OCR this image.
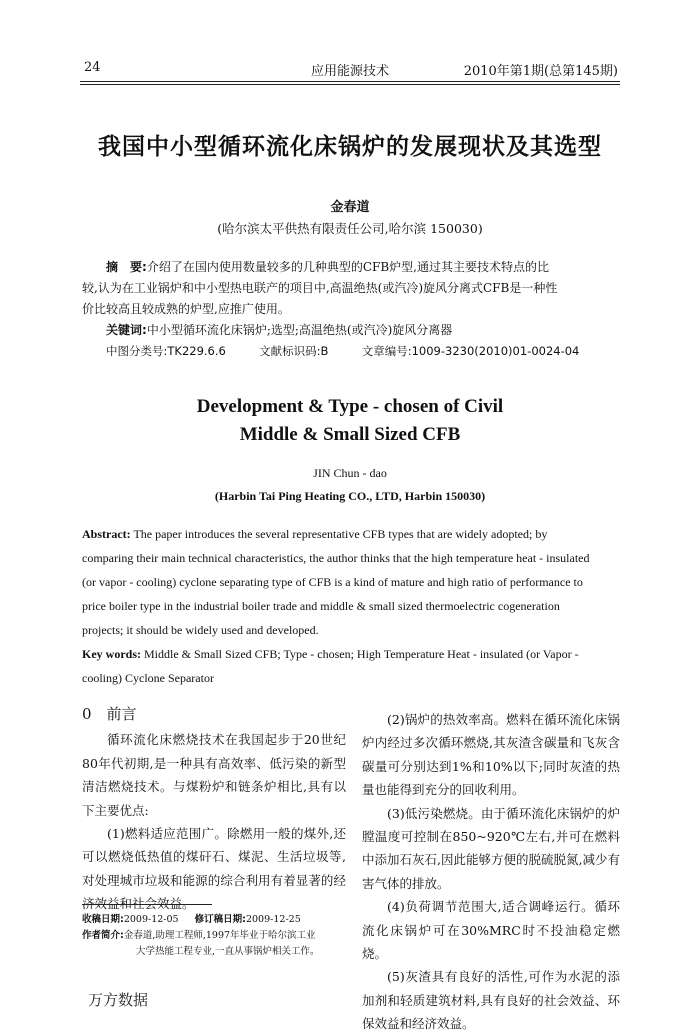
24	应用能源技术	2010年第1期(总第145期)
我国中小型循环流化床锅炉的发展现状及其选型
金春道
(哈尔滨太平供热有限责任公司,哈尔滨 150030)
摘　要:介绍了在国内使用数量较多的几种典型的CFB炉型,通过其主要技术特点的比
较,认为在工业锅炉和中小型热电联产的项目中,高温绝热(或汽冷)旋风分离式CFB是一种性
价比较高且较成熟的炉型,应推广使用。
关键词:中小型循环流化床锅炉;选型;高温绝热(或汽冷)旋风分离器
中图分类号:TK229.6.6	文献标识码:B	文章编号:1009-3230(2010)01-0024-04
Development & Type - chosen of Civil
Middle & Small Sized CFB
JIN Chun - dao
(Harbin Tai Ping Heating CO., LTD, Harbin 150030)
Abstract: The paper introduces the several representative CFB types that are widely adopted; by
comparing their main technical characteristics, the author thinks that the high temperature heat - insulated
(or vapor - cooling) cyclone separating type of CFB is a kind of mature and high ratio of performance to
price boiler type in the industrial boiler trade and middle & small sized thermoelectric cogeneration
projects; it should be widely used and developed.
Key words: Middle & Small Sized CFB; Type - chosen; High Temperature Heat - insulated (or Vapor -
cooling) Cyclone Separator

0　前言

循环流化床燃烧技术在我国起步于20世纪80年代初期,是一种具有高效率、低污染的新型清洁燃烧技术。与煤粉炉和链条炉相比,具有以下主要优点:

(1)燃料适应范围广。除燃用一般的煤外,还可以燃烧低热值的煤矸石、煤泥、生活垃圾等,对处理城市垃圾和能源的综合利用有着显著的经济效益和社会效益。

(2)锅炉的热效率高。燃料在循环流化床锅炉内经过多次循环燃烧,其灰渣含碳量和飞灰含碳量可分别达到1%和10%以下;同时灰渣的热量也能得到充分的回收利用。

(3)低污染燃烧。由于循环流化床锅炉的炉膛温度可控制在850~920℃左右,并可在燃料中添加石灰石,因此能够方便的脱硫脱氮,减少有害气体的排放。

(4)负荷调节范围大,适合调峰运行。循环流化床锅炉可在30%MRC时不投油稳定燃烧。

(5)灰渣具有良好的活性,可作为水泥的添加剂和轻质建筑材料,具有良好的社会效益、环保效益和经济效益。

收稿日期:2009-12-05 修订稿日期:2009-12-25
作者简介:金春道,助理工程师,1997年毕业于哈尔滨工业
大学热能工程专业,一直从事锅炉相关工作。
万方数据
